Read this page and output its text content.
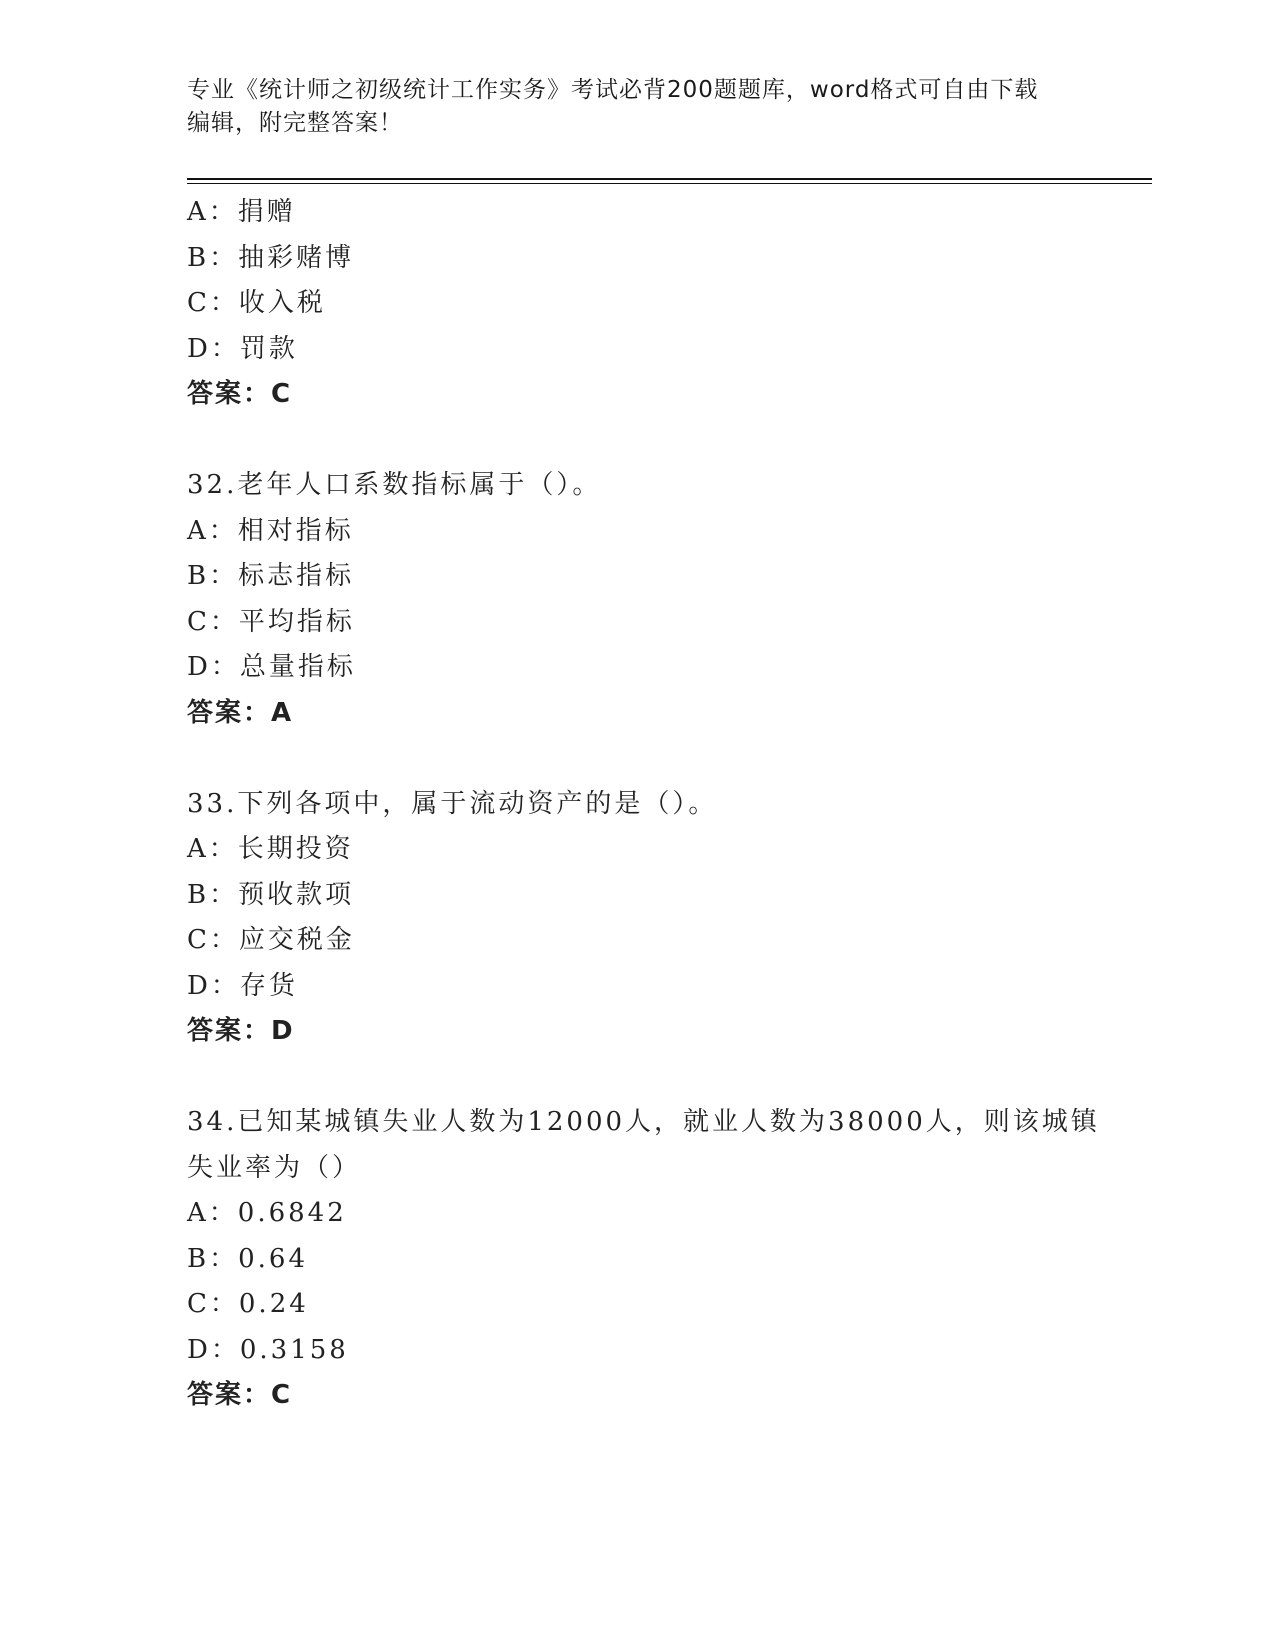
专业《统计师之初级统计工作实务》考试必背200题题库，word格式可自由下载
编辑，附完整答案！
A：捐赠
B：抽彩赌博
C：收入税
D：罚款
答案：C
32.老年人口系数指标属于（）。
A：相对指标
B：标志指标
C：平均指标
D：总量指标
答案：A
33.下列各项中，属于流动资产的是（）。
A：长期投资
B：预收款项
C：应交税金
D：存货
答案：D
34.已知某城镇失业人数为12000人，就业人数为38000人，则该城镇
失业率为（）
A：0.6842
B：0.64
C：0.24
D：0.3158
答案：C
